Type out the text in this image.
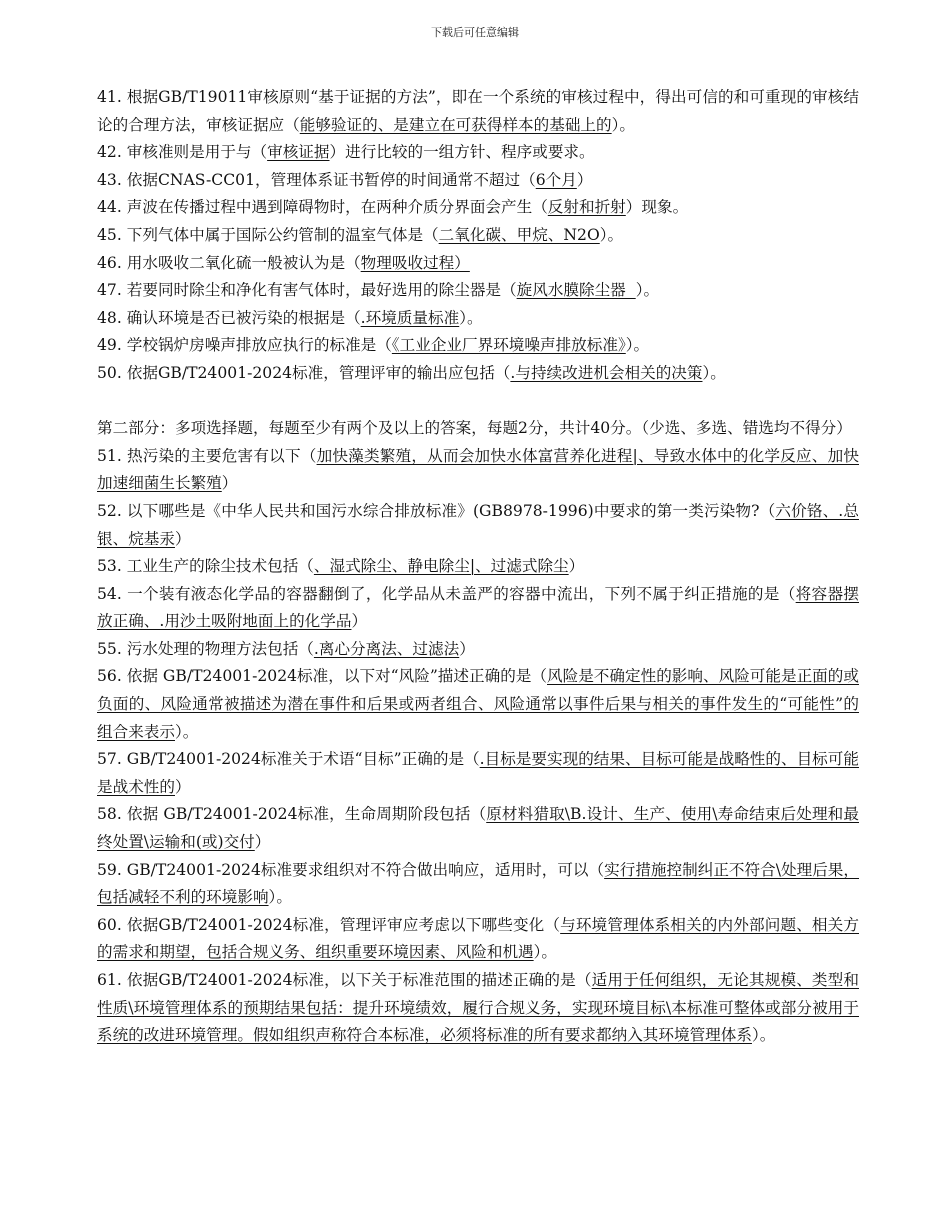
下载后可任意编辑

41. 根据GB/T19011审核原则“基于证据的方法”，即在一个系统的审核过程中，得出可信的和可重现的审核结论的合理方法，审核证据应（能够验证的、是建立在可获得样本的基础上的）。

42. 审核准则是用于与（审核证据）进行比较的一组方针、程序或要求。

43. 依据CNAS-CC01，管理体系证书暂停的时间通常不超过（6个月）

44. 声波在传播过程中遇到障碍物时，在两种介质分界面会产生（反射和折射）现象。

45. 下列气体中属于国际公约管制的温室气体是（二氧化碳、甲烷、N2O）。

46. 用水吸收二氧化硫一般被认为是（物理吸收过程）

47. 若要同时除尘和净化有害气体时，最好选用的除尘器是（旋风水膜除尘器  ）。

48. 确认环境是否已被污染的根据是（.环境质量标准）。

49. 学校锅炉房噪声排放应执行的标准是（《工业企业厂界环境噪声排放标准》）。

50. 依据GB/T24001-2024标准，管理评审的输出应包括（.与持续改进机会相关的决策）。

第二部分：多项选择题，每题至少有两个及以上的答案，每题2分，共计40分。（少选、多选、错选均不得分）

51. 热污染的主要危害有以下（加快藻类繁殖，从而会加快水体富营养化进程|、导致水体中的化学反应、加快加速细菌生长繁殖）

52. 以下哪些是《中华人民共和国污水综合排放标准》(GB8978-1996)中要求的第一类污染物?（六价铬、.总银、烷基汞）

53. 工业生产的除尘技术包括（、湿式除尘、静电除尘|、过滤式除尘）

54. 一个装有液态化学品的容器翻倒了，化学品从未盖严的容器中流出，下列不属于纠正措施的是（将容器摆放正确、.用沙土吸附地面上的化学品）

55. 污水处理的物理方法包括（.离心分离法、过滤法）

56. 依据 GB/T24001-2024标准，以下对“风险”描述正确的是（风险是不确定性的影响、风险可能是正面的或负面的、风险通常被描述为潜在事件和后果或两者组合、风险通常以事件后果与相关的事件发生的“可能性”的组合来表示）。

57. GB/T24001-2024标准关于术语“目标”正确的是（.目标是要实现的结果、目标可能是战略性的、目标可能是战术性的）

58. 依据 GB/T24001-2024标准，生命周期阶段包括（原材料猎取\B.设计、生产、使用\寿命结束后处理和最终处置\运输和(或)交付）

59. GB/T24001-2024标准要求组织对不符合做出响应，适用时，可以（实行措施控制纠正不符合\处理后果，包括减轻不利的环境影响）。

60. 依据GB/T24001-2024标准，管理评审应考虑以下哪些变化（与环境管理体系相关的内外部问题、相关方的需求和期望，包括合规义务、组织重要环境因素、风险和机遇）。

61. 依据GB/T24001-2024标准，以下关于标准范围的描述正确的是（适用于任何组织，无论其规模、类型和性质\环境管理体系的预期结果包括：提升环境绩效，履行合规义务，实现环境目标\本标准可整体或部分被用于系统的改进环境管理。假如组织声称符合本标准，必须将标准的所有要求都纳入其环境管理体系）。
